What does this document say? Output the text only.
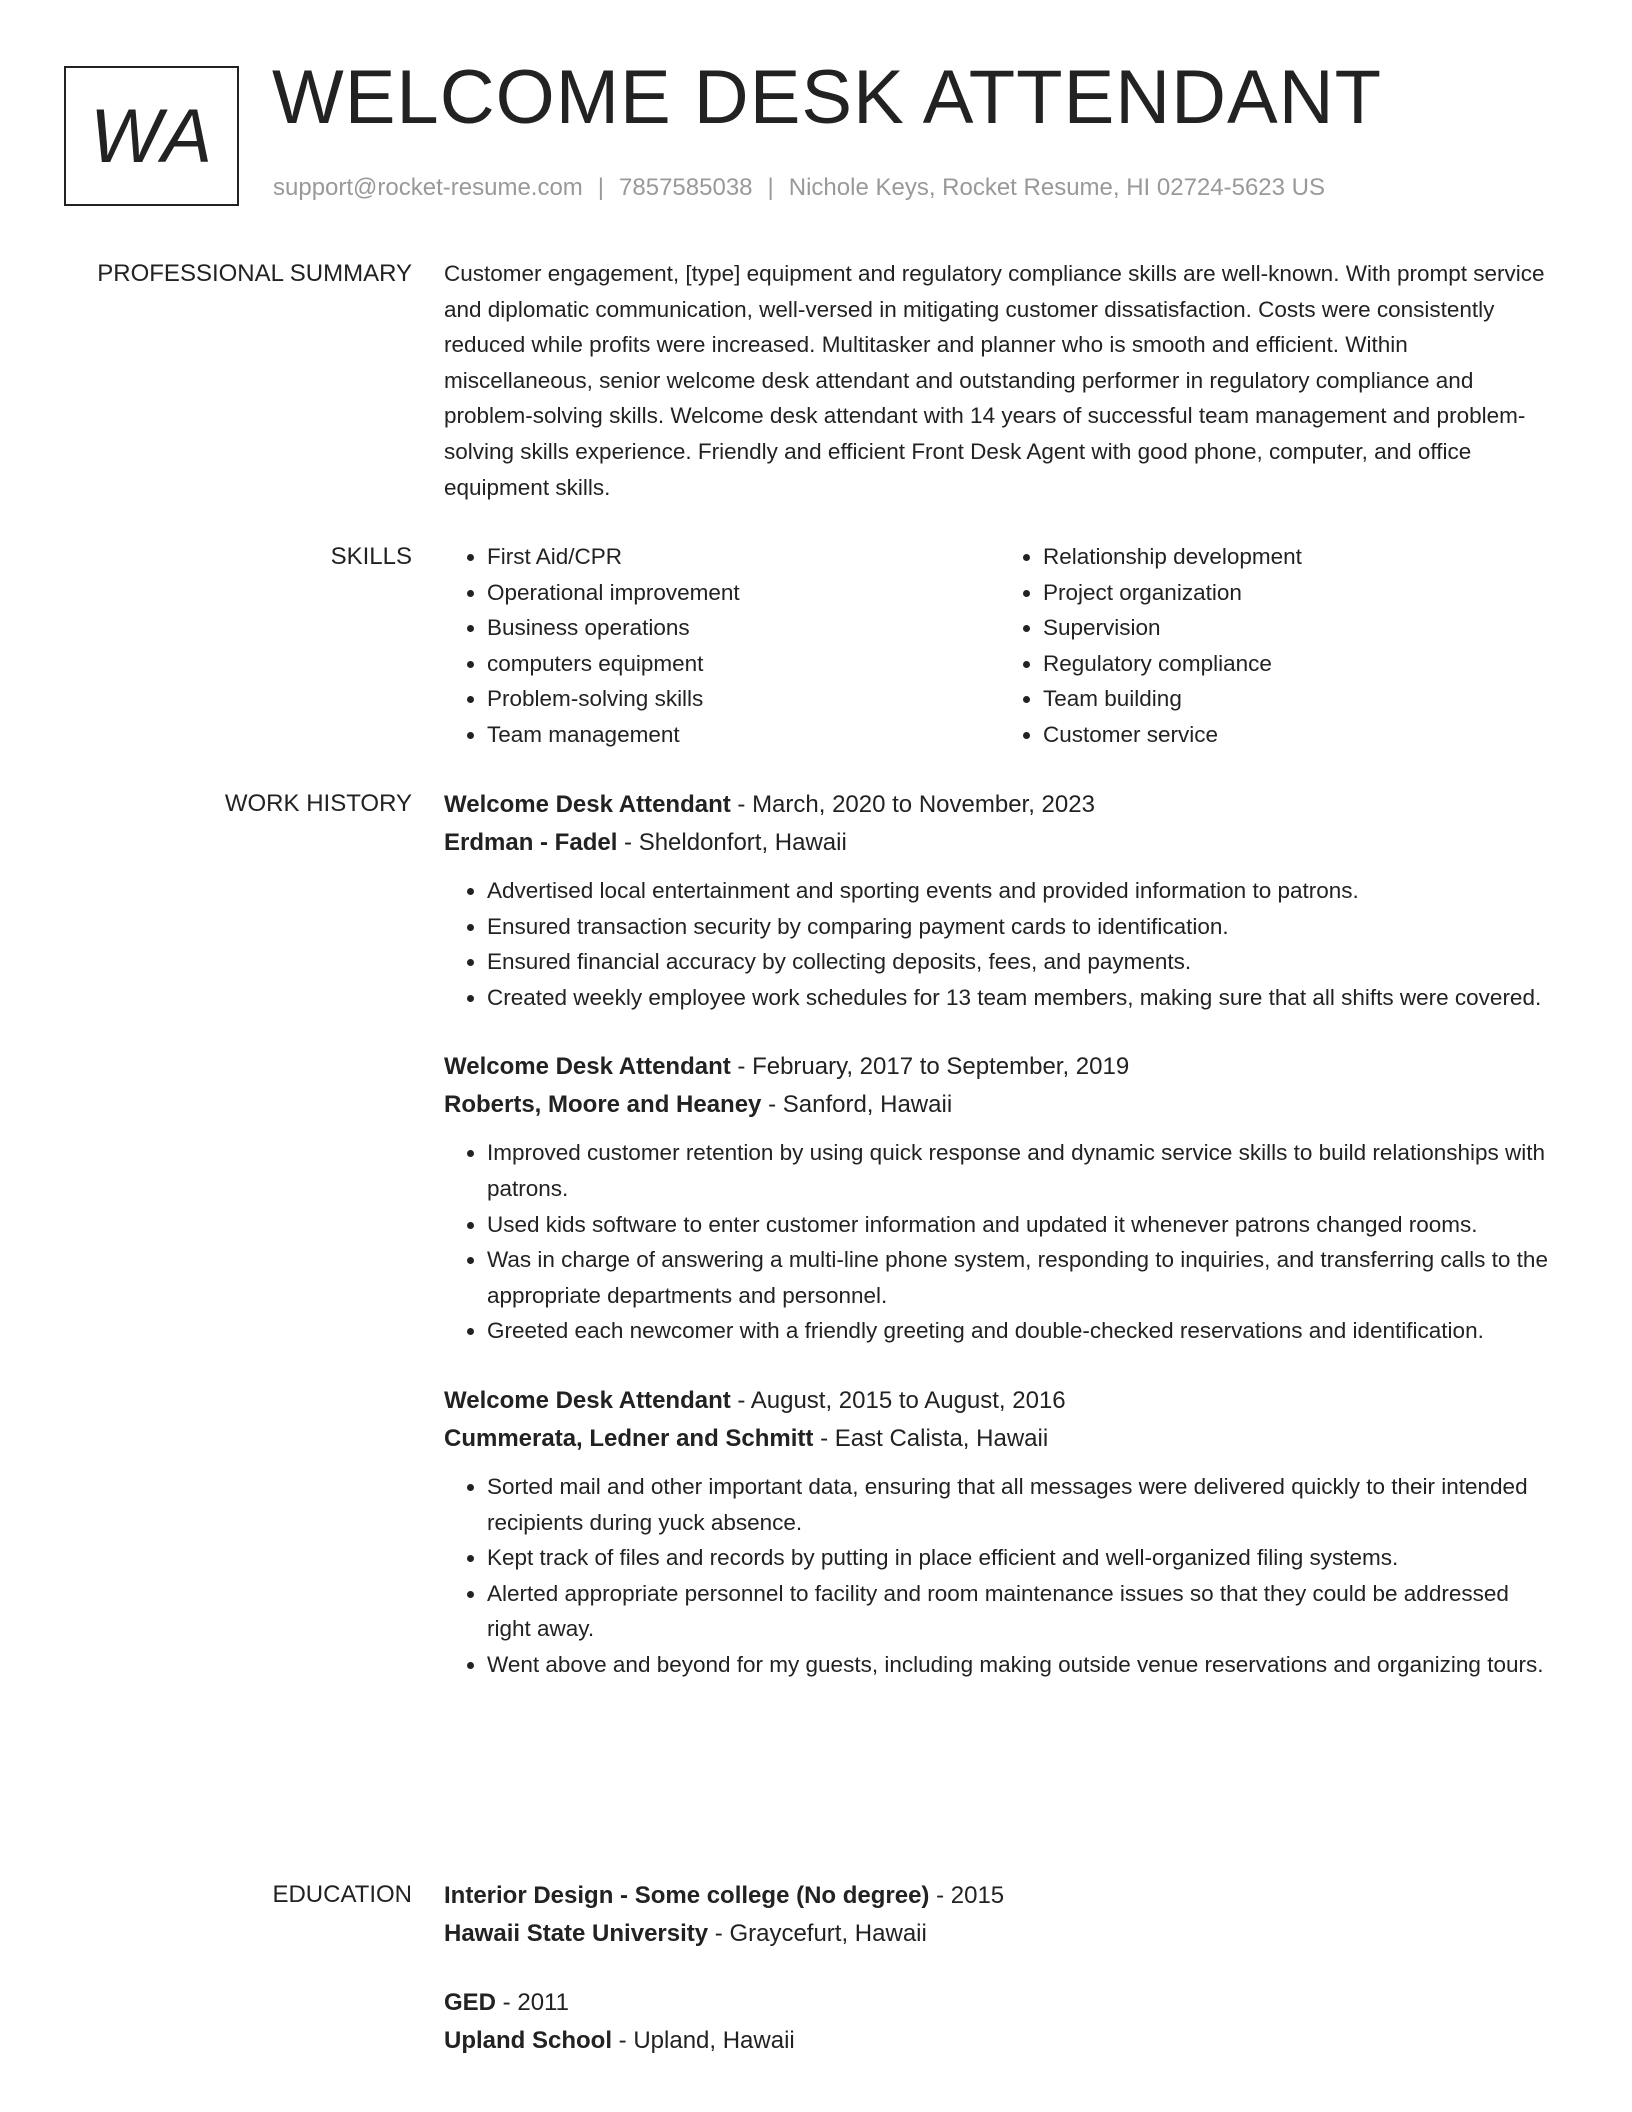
WA WELCOME DESK ATTENDANT
support@rocket-resume.com | 7857585038 | Nichole Keys, Rocket Resume, HI 02724-5623 US
PROFESSIONAL SUMMARY Customer engagement, [type] equipment and regulatory compliance skills are well-known. With prompt service and diplomatic communication, well-versed in mitigating customer dissatisfaction. Costs were consistently reduced while profits were increased. Multitasker and planner who is smooth and efficient. Within miscellaneous, senior welcome desk attendant and outstanding performer in regulatory compliance and problem-solving skills. Welcome desk attendant with 14 years of successful team management and problem-solving skills experience. Friendly and efficient Front Desk Agent with good phone, computer, and office equipment skills.

SKILLS
•	First Aid/CPR
• Operational improvement
• Business operations
• computers equipment
• Problem-solving skills
• Team management
• Relationship development
• Project organization
• Supervision
• Regulatory compliance
• Team building
• Customer service
WORK HISTORY Welcome Desk Attendant - March, 2020 to November, 2023
Erdman - Fadel - Sheldonfort, Hawaii
• Advertised local entertainment and sporting events and provided information to patrons.
• Ensured transaction security by comparing payment cards to identification.
• Ensured financial accuracy by collecting deposits, fees, and payments.
• Created weekly employee work schedules for 13 team members, making sure that all shifts were covered.
Welcome Desk Attendant - February, 2017 to September, 2019
Roberts, Moore and Heaney - Sanford, Hawaii
• Improved customer retention by using quick response and dynamic service skills to build relationships with patrons.
• Used kids software to enter customer information and updated it whenever patrons changed rooms.
• Was in charge of answering a multi-line phone system, responding to inquiries, and transferring calls to the appropriate departments and personnel.
• Greeted each newcomer with a friendly greeting and double-checked reservations and identification.
Welcome Desk Attendant - August, 2015 to August, 2016
Cummerata, Ledner and Schmitt - East Calista, Hawaii
• Sorted mail and other important data, ensuring that all messages were delivered quickly to their intended recipients during yuck absence.
• Kept track of files and records by putting in place efficient and well-organized filing systems.
• Alerted appropriate personnel to facility and room maintenance issues so that they could be addressed right away.
• Went above and beyond for my guests, including making outside venue reservations and organizing tours.
EDUCATION Interior Design - Some college (No degree) - 2015
Hawaii State University - Graycefurt, Hawaii
GED - 2011
Upland School - Upland, Hawaii
